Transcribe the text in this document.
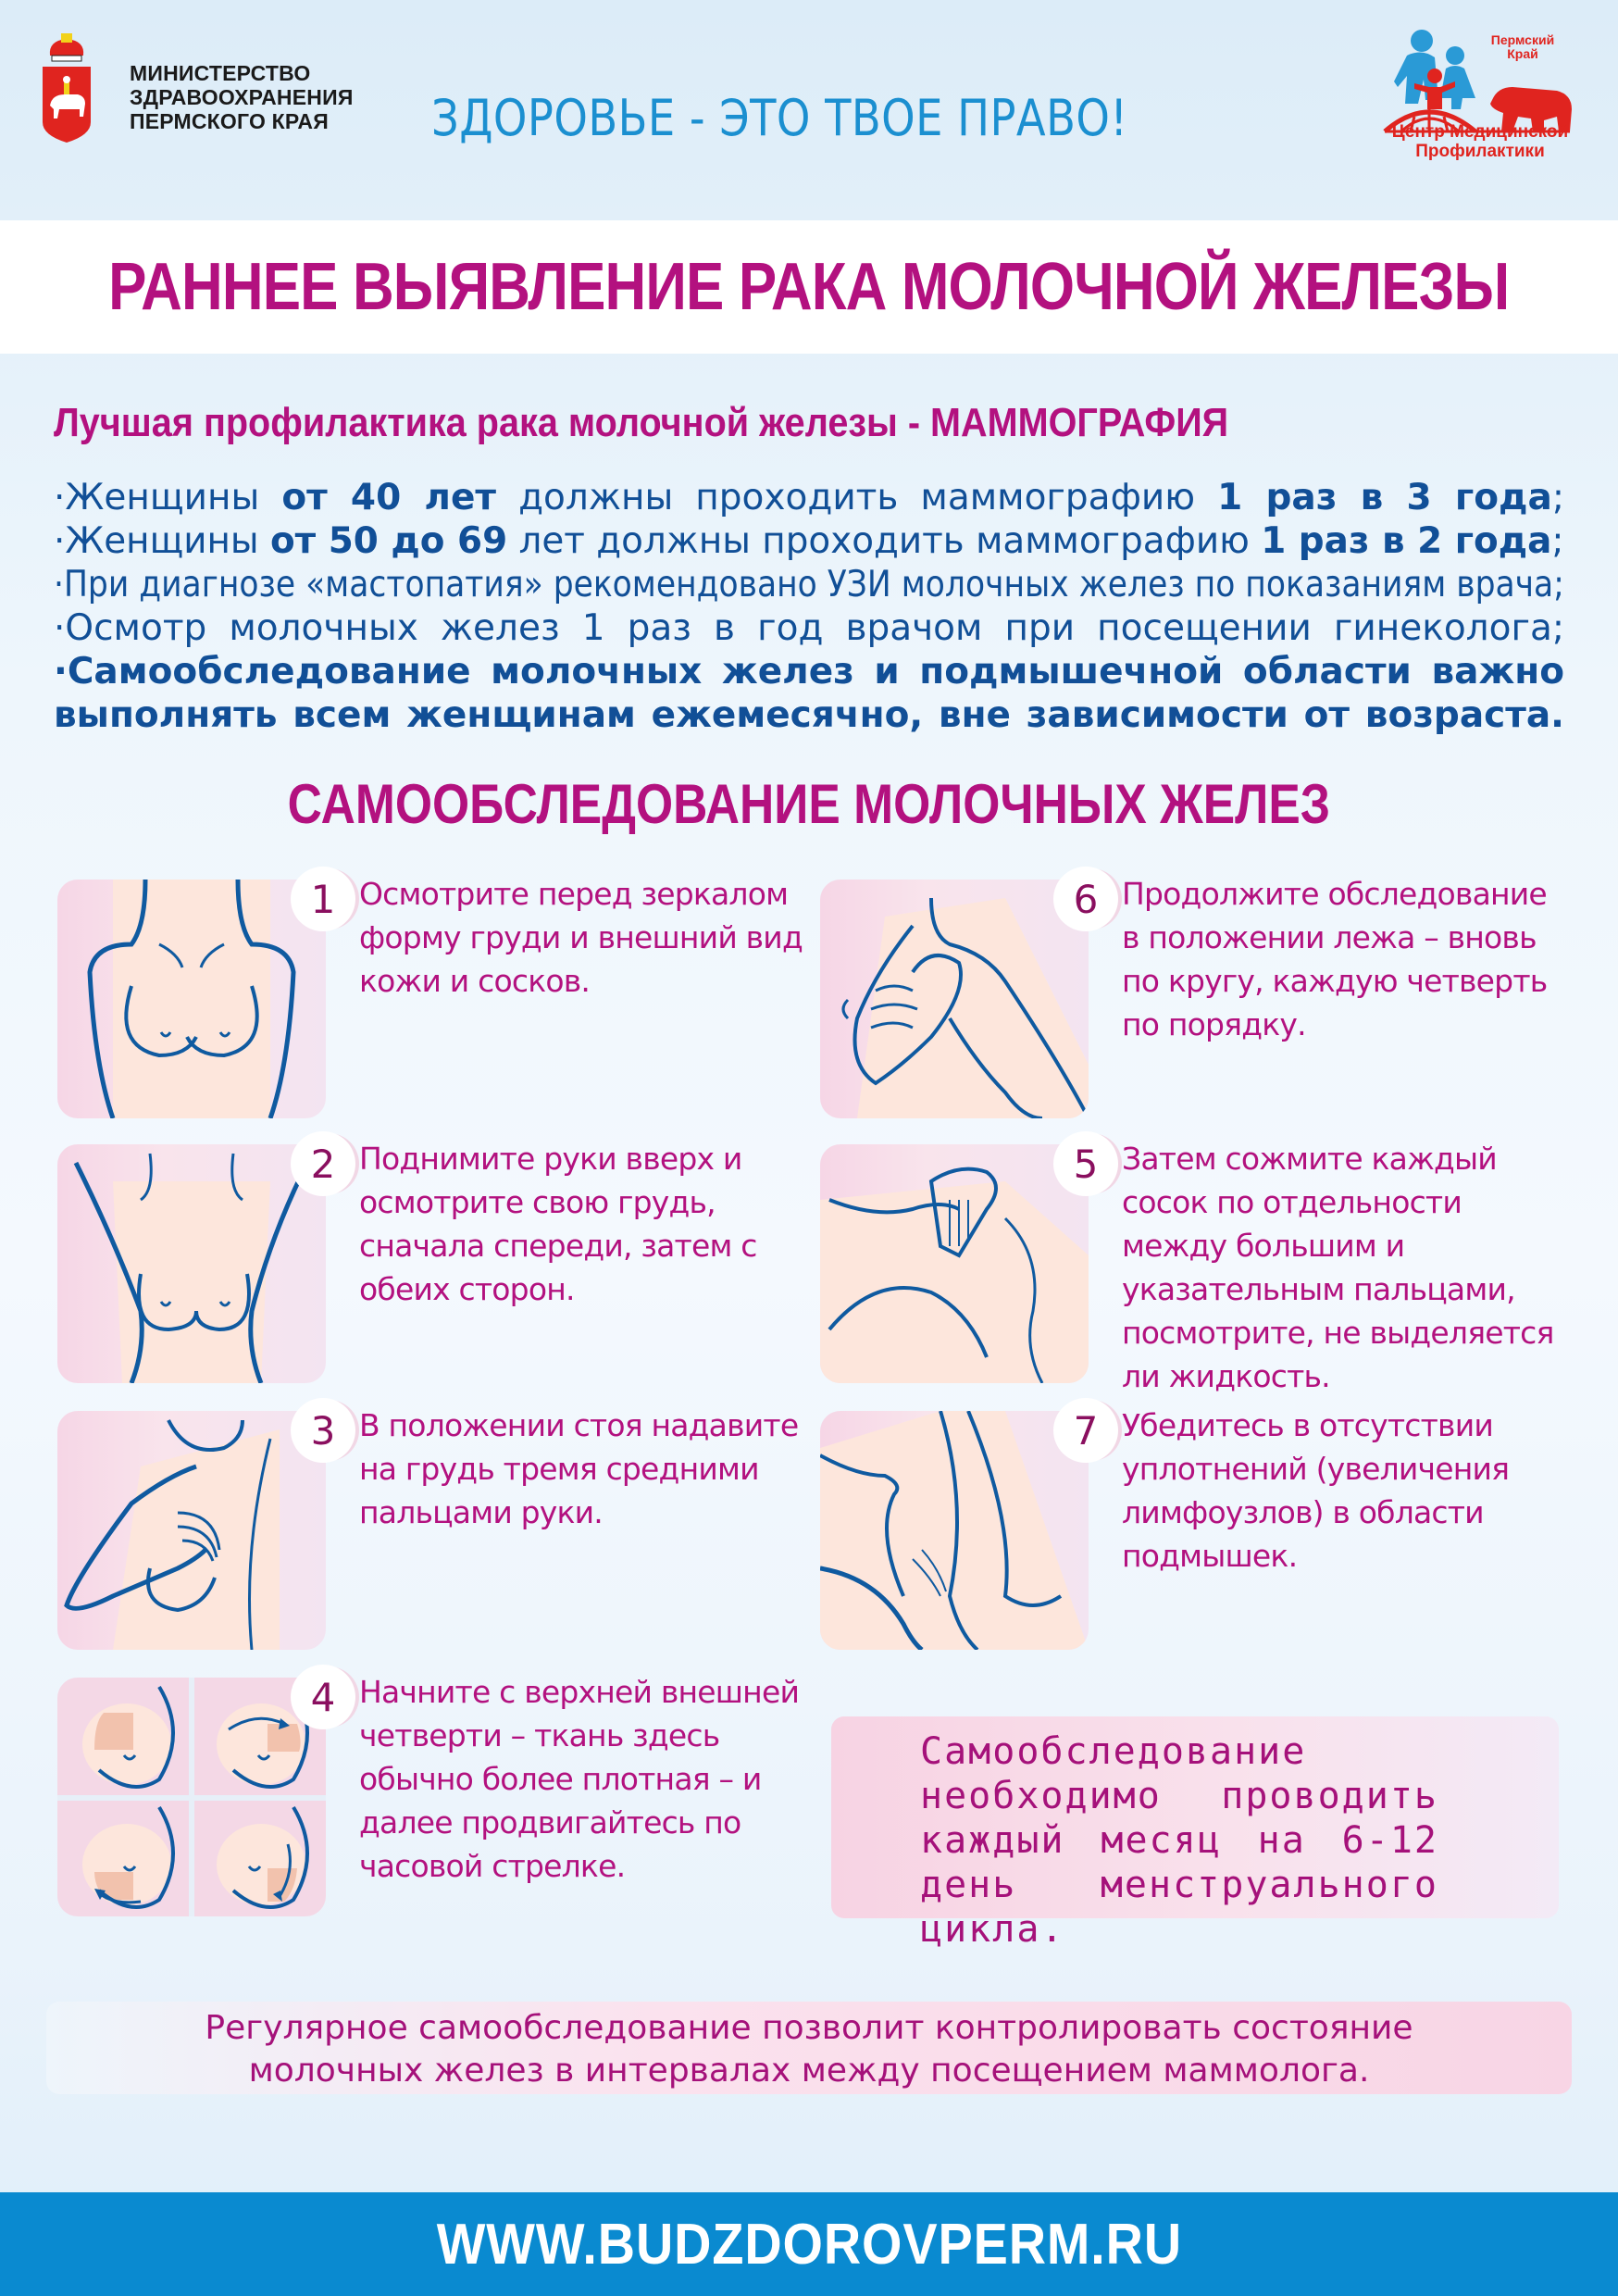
МИНИСТЕРСТВО
ЗДРАВООХРАНЕНИЯ
ПЕРМСКОГО КРАЯ	ЗДОРОВЬЕ - ЭТО ТВОЕ ПРАВО!
Пермский
Край
Центр Медицинской
Профилактики
РАННЕЕ ВЫЯВЛЕНИЕ РАКА МОЛОЧНОЙ ЖЕЛЕЗЫ
Лучшая профилактика рака молочной железы - МАММОГРАФИЯ
·Женщины от 40 лет должны проходить маммографию 1 раз в 3 года;
·Женщины от 50 до 69 лет должны проходить маммографию 1 раз в 2 года;
·При диагнозе «мастопатия» рекомендовано УЗИ молочных желез по показаниям врача;
·Осмотр молочных желез 1 раз в год врачом при посещении гинеколога;
·Самообследование молочных желез и подмышечной области важно
выполнять всем женщинам ежемесячно, вне зависимости от возраста.
САМООБСЛЕДОВАНИЕ МОЛОЧНЫХ ЖЕЛЕЗ
1 Осмотрите перед зеркалом форму груди и внешний вид кожи и сосков.
2 Поднимите руки вверх и осмотрите свою грудь, сначала спереди, затем с обеих сторон.
3 В положении стоя надавите на грудь тремя средними пальцами руки.
4 Начните с верхней внешней четверти – ткань здесь обычно более плотная – и далее продвигайтесь по часовой стрелке.
6 Продолжите обследование в положении лежа – вновь по кругу, каждую четверть по порядку.
5 Затем сожмите каждый сосок по отдельности между большим и указательным пальцами, посмотрите, не выделяется ли жидкость.
7 Убедитесь в отсутствии уплотнений (увеличения лимфоузлов) в области подмышек.
Самообследование необходимо проводить каждый месяц на 6-12 день менструального цикла.
Регулярное самообследование позволит контролировать состояние
молочных желез в интервалах между посещением маммолога.
WWW.BUDZDOROVPERM.RU
